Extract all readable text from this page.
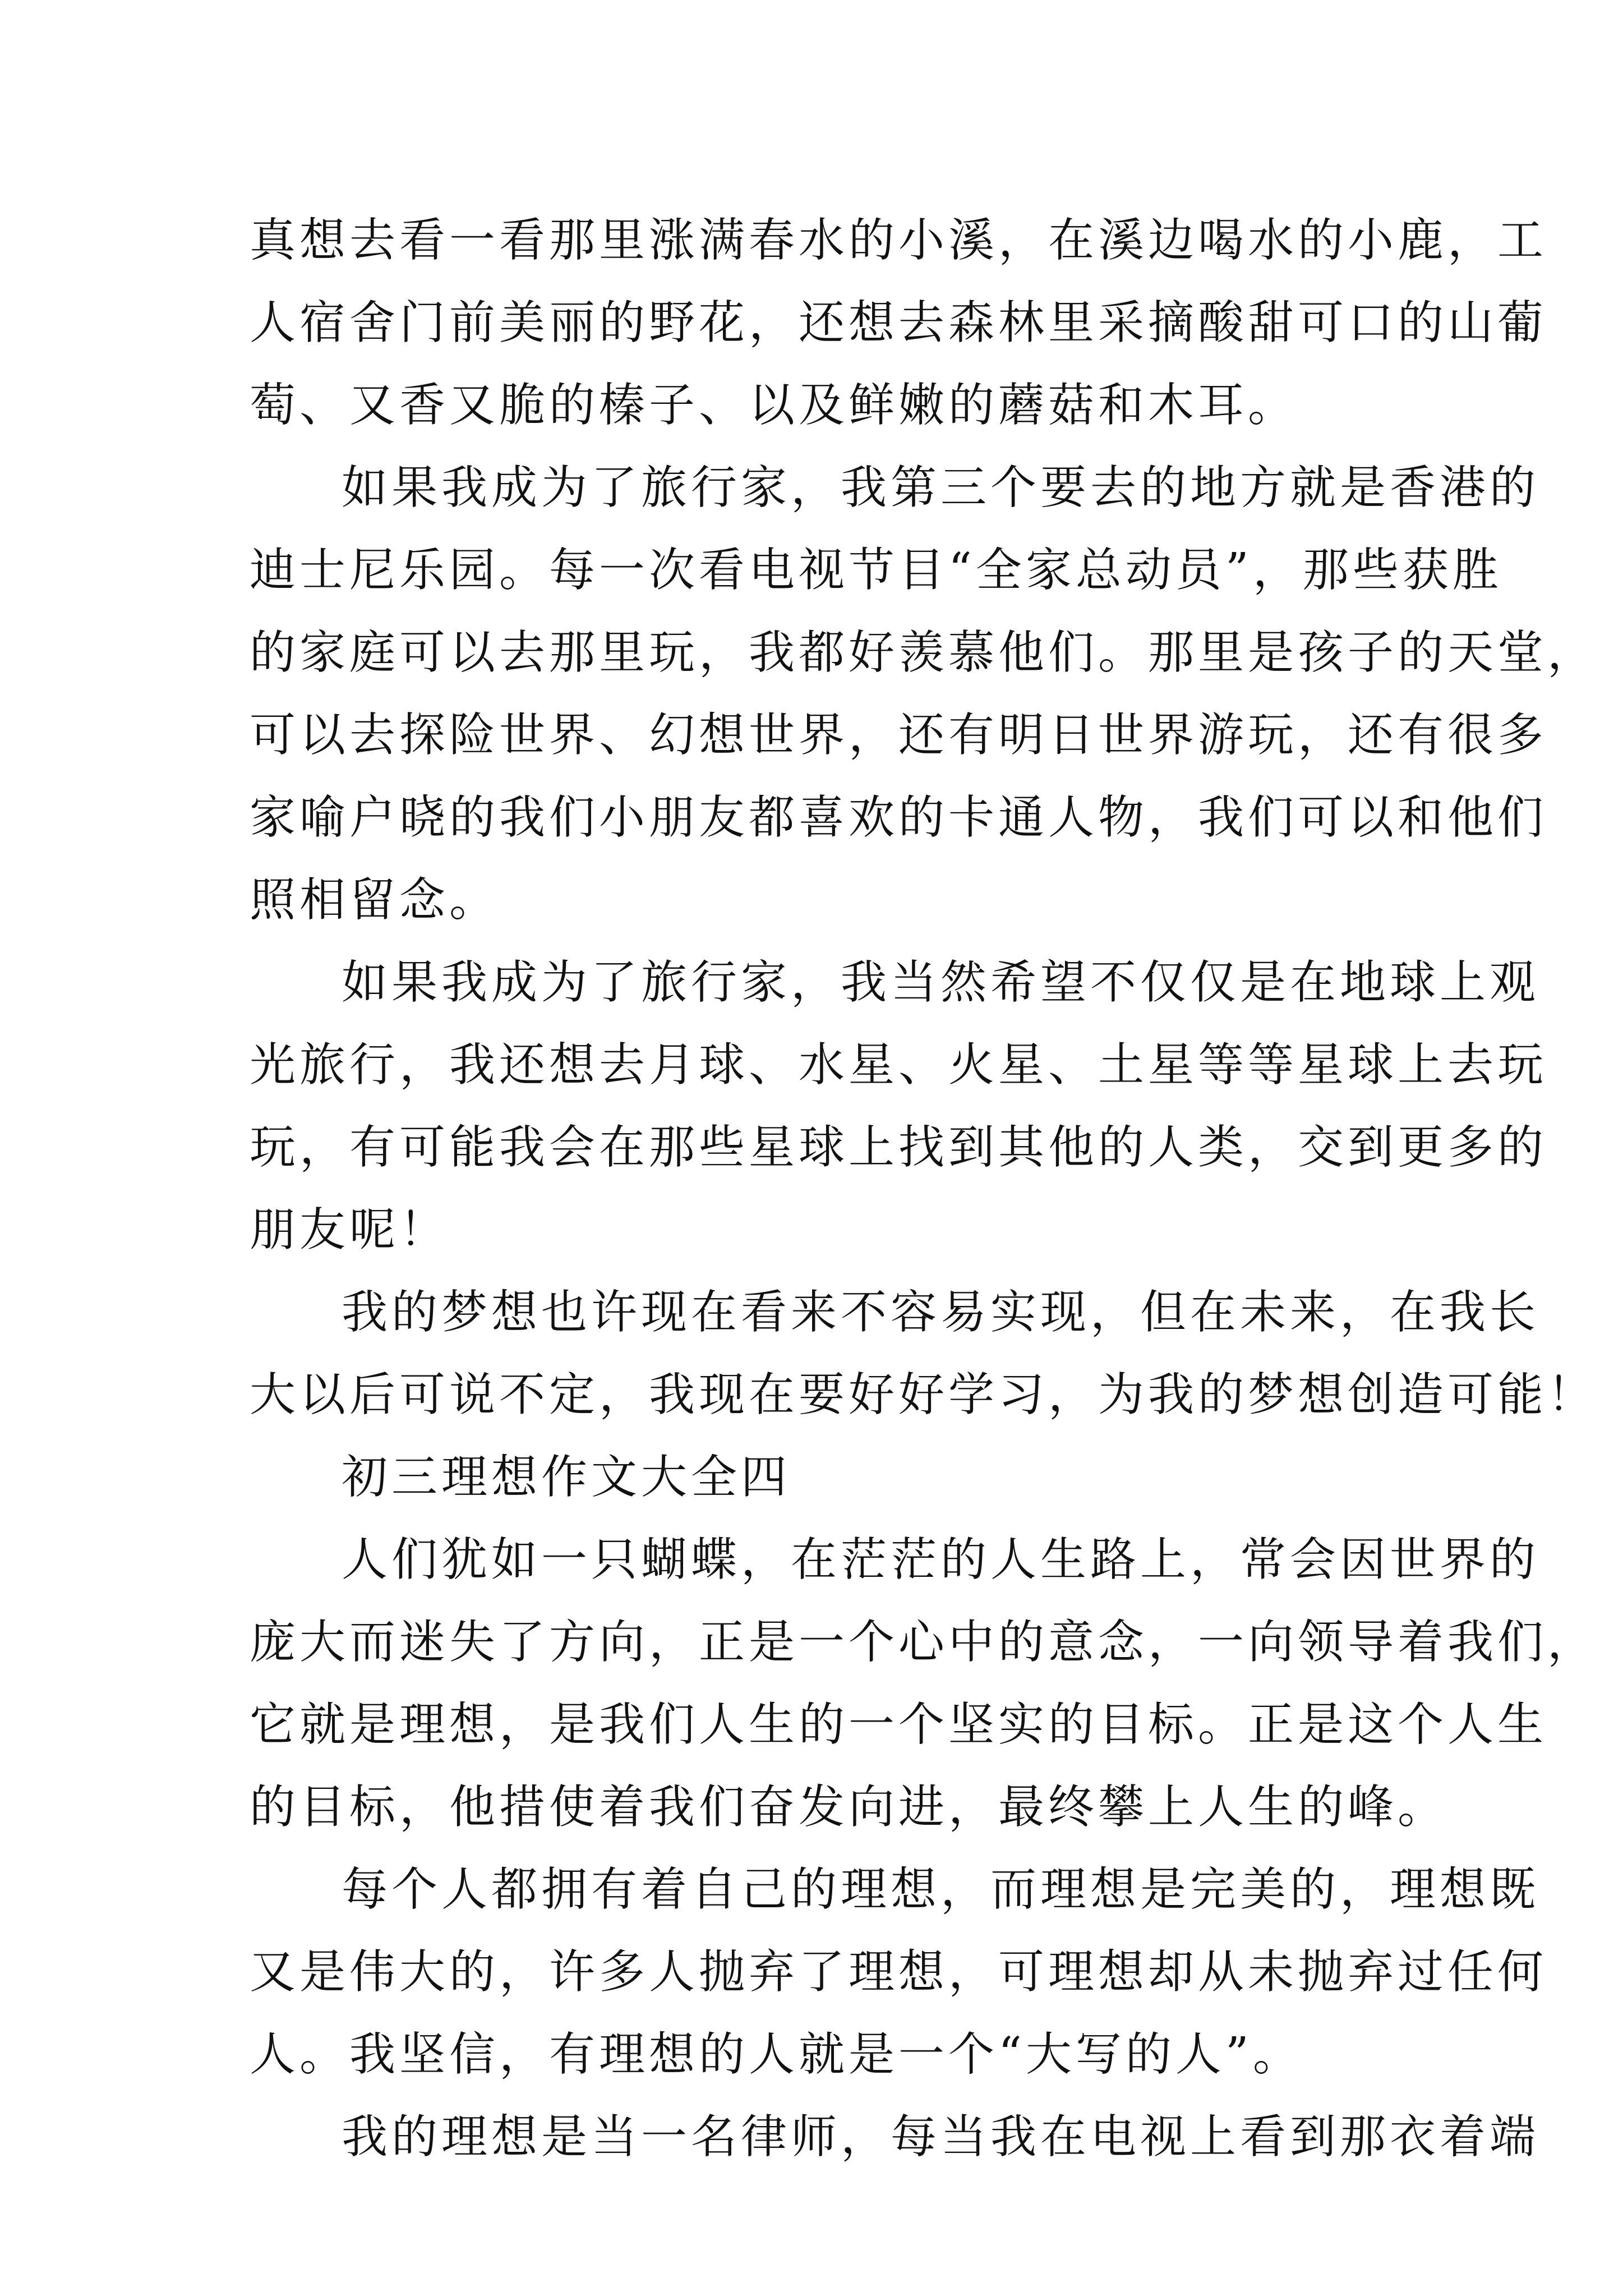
真想去看一看那里涨满春水的小溪，在溪边喝水的小鹿，工
人宿舍门前美丽的野花，还想去森林里采摘酸甜可口的山葡
萄、又香又脆的榛子、以及鲜嫩的蘑菇和木耳。
如果我成为了旅行家，我第三个要去的地方就是香港的
迪士尼乐园。每一次看电视节目“全家总动员”，那些获胜
的家庭可以去那里玩，我都好羡慕他们。那里是孩子的天堂，
可以去探险世界、幻想世界，还有明日世界游玩，还有很多
家喻户晓的我们小朋友都喜欢的卡通人物，我们可以和他们
照相留念。
如果我成为了旅行家，我当然希望不仅仅是在地球上观
光旅行，我还想去月球、水星、火星、土星等等星球上去玩
玩，有可能我会在那些星球上找到其他的人类，交到更多的
朋友呢！
我的梦想也许现在看来不容易实现，但在未来，在我长
大以后可说不定，我现在要好好学习，为我的梦想创造可能！
初三理想作文大全四
人们犹如一只蝴蝶，在茫茫的人生路上，常会因世界的
庞大而迷失了方向，正是一个心中的意念，一向领导着我们，
它就是理想，是我们人生的一个坚实的目标。正是这个人生
的目标，他措使着我们奋发向进，最终攀上人生的峰。
每个人都拥有着自己的理想，而理想是完美的，理想既
又是伟大的，许多人抛弃了理想，可理想却从未抛弃过任何
人。我坚信，有理想的人就是一个“大写的人”。
我的理想是当一名律师，每当我在电视上看到那衣着端
